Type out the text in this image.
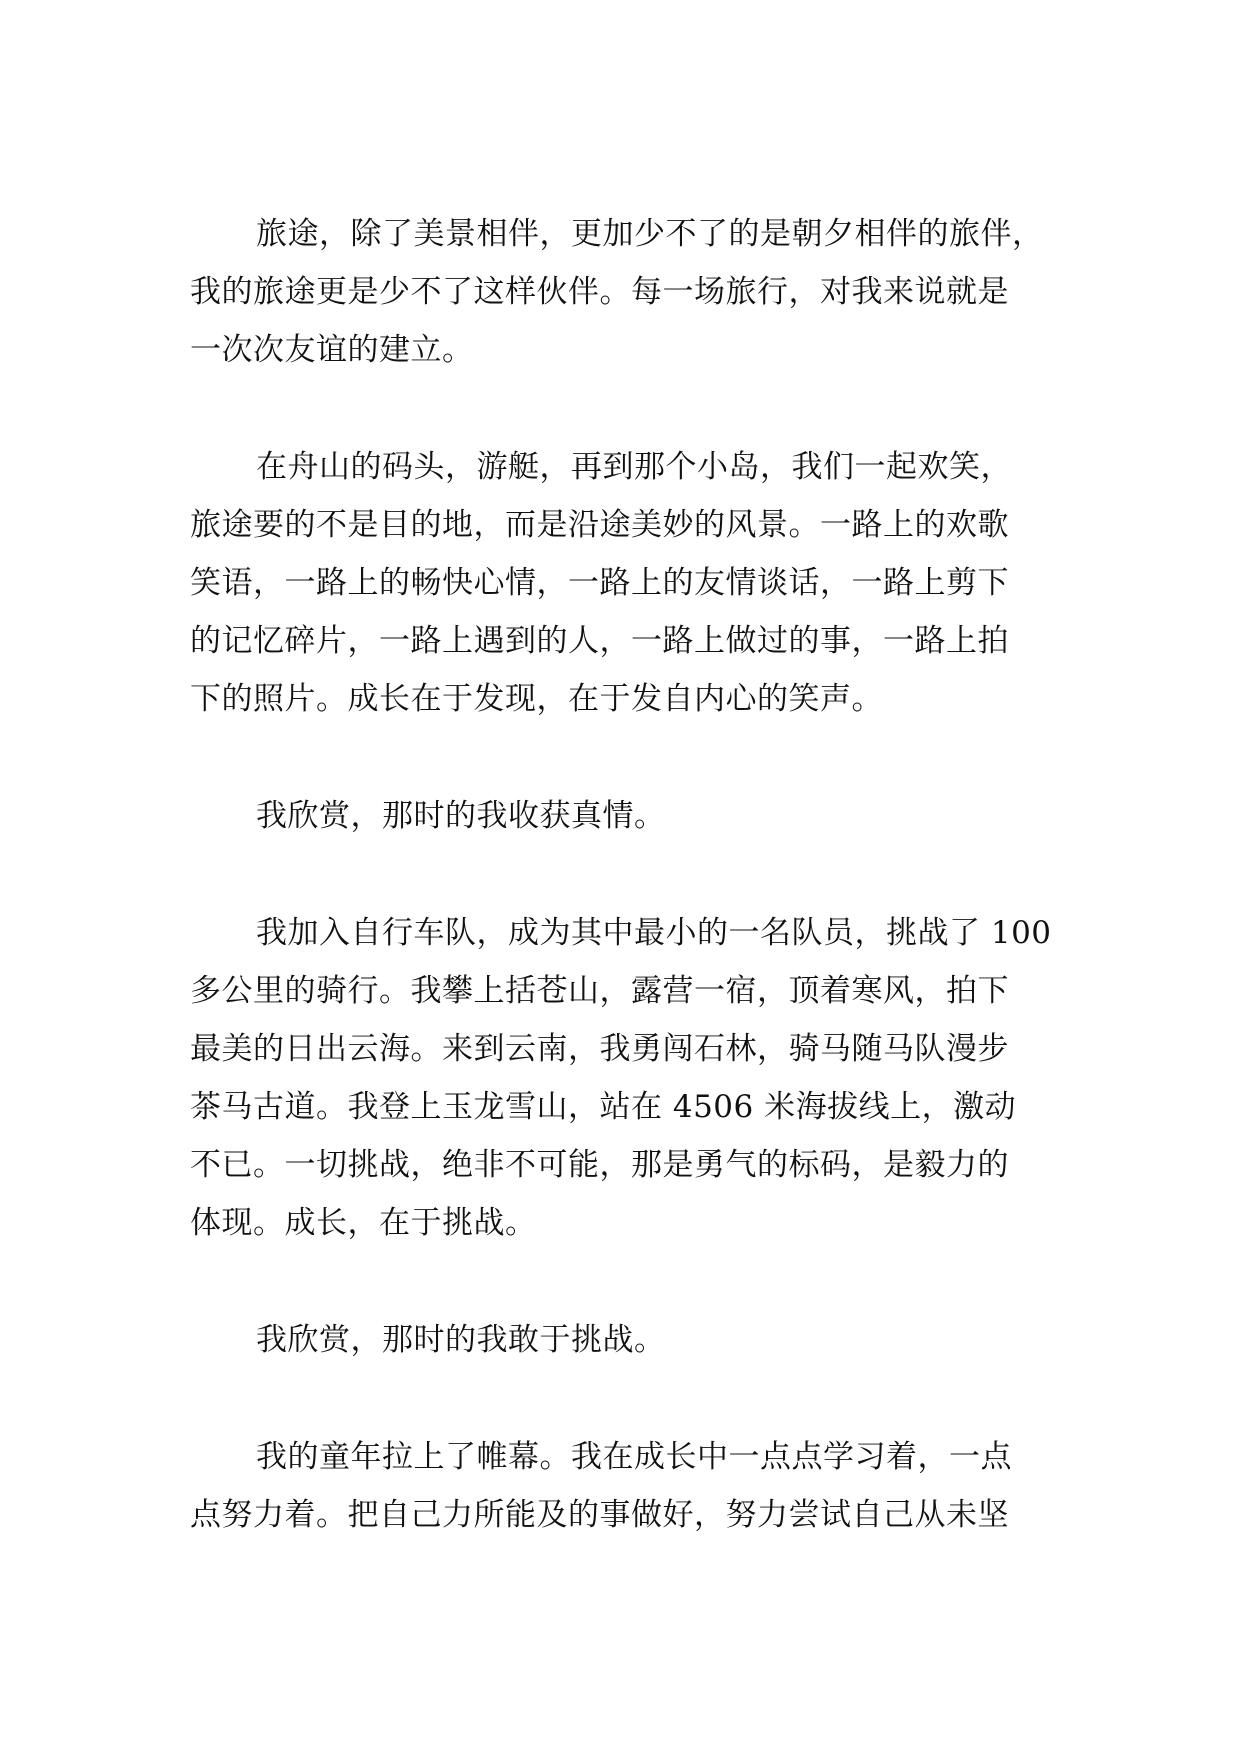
旅途，除了美景相伴，更加少不了的是朝夕相伴的旅伴，
我的旅途更是少不了这样伙伴。每一场旅行，对我来说就是
一次次友谊的建立。
在舟山的码头，游艇，再到那个小岛，我们一起欢笑，
旅途要的不是目的地，而是沿途美妙的风景。一路上的欢歌
笑语，一路上的畅快心情，一路上的友情谈话，一路上剪下
的记忆碎片，一路上遇到的人，一路上做过的事，一路上拍
下的照片。成长在于发现，在于发自内心的笑声。
我欣赏，那时的我收获真情。
我加入自行车队，成为其中最小的一名队员，挑战了 100
多公里的骑行。我攀上括苍山，露营一宿，顶着寒风，拍下
最美的日出云海。来到云南，我勇闯石林，骑马随马队漫步
茶马古道。我登上玉龙雪山，站在 4506 米海拔线上，激动
不已。一切挑战，绝非不可能，那是勇气的标码，是毅力的
体现。成长，在于挑战。
我欣赏，那时的我敢于挑战。
我的童年拉上了帷幕。我在成长中一点点学习着，一点
点努力着。把自己力所能及的事做好，努力尝试自己从未坚
